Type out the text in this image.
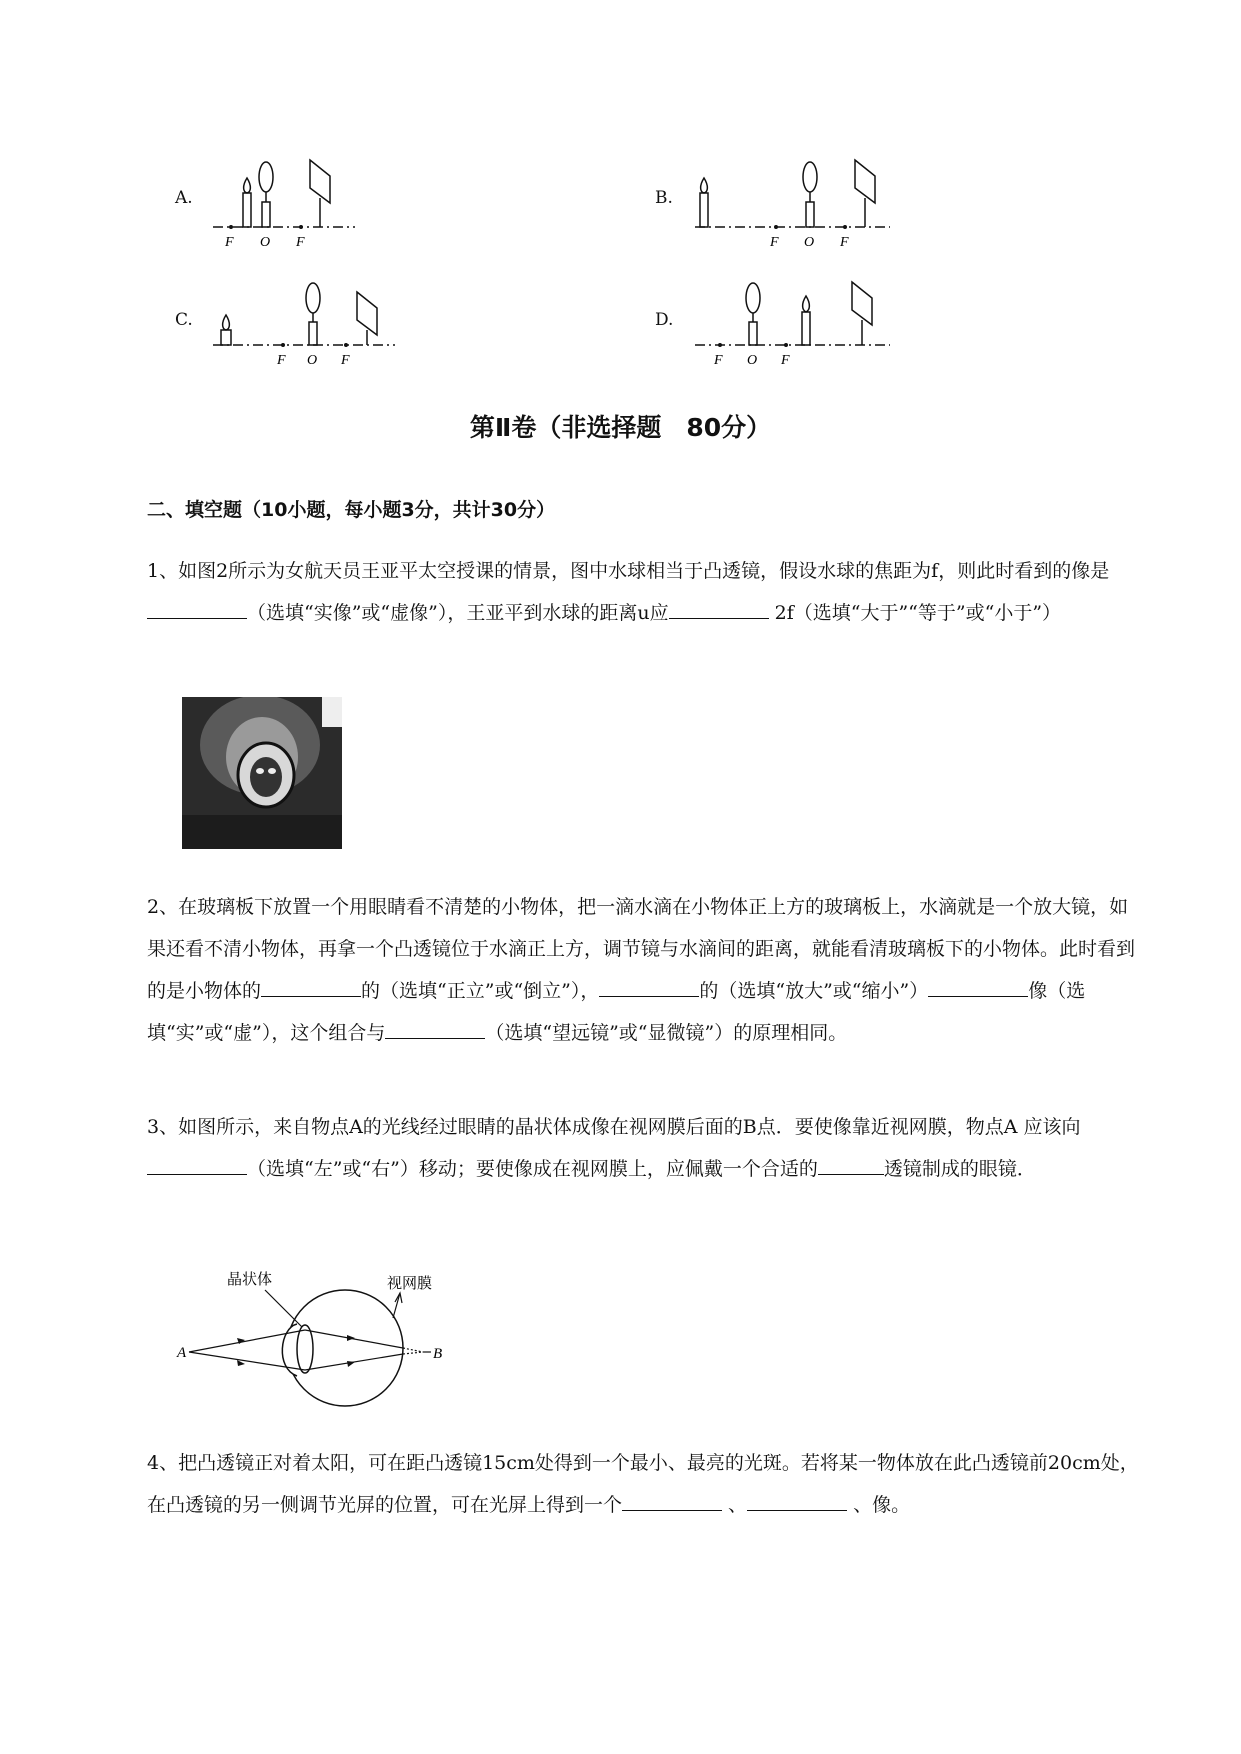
A.	B.
C.	D.
F O F	F O F
F O F	F O F
第Ⅱ卷（非选择题　80分）
二、填空题（10小题，每小题3分，共计30分）
1、如图2所示为女航天员王亚平太空授课的情景，图中水球相当于凸透镜，假设水球的焦距为f，则此时看到的像是（选填“实像”或“虚像”），王亚平到水球的距离u应	2f（选填“大于”“等于”或“小于”）
2、在玻璃板下放置一个用眼睛看不清楚的小物体，把一滴水滴在小物体正上方的玻璃板上，水滴就是一个放大镜，如果还看不清小物体，再拿一个凸透镜位于水滴正上方，调节镜与水滴间的距离，就能看清玻璃板下的小物体。此时看到的是小物体的	的（选填“正立”或“倒立”），	的（选填“放大”或“缩小”）	像（选填“实”或“虚”），这个组合与	（选填“望远镜”或“显微镜”）的原理相同。
3、如图所示，来自物点A的光线经过眼睛的晶状体成像在视网膜后面的B点．要使像靠近视网膜，物点A 应该向（选填“左”或“右”）移动；要使像成在视网膜上，应佩戴一个合适的	透镜制成的眼镜．
晶状体	视网膜
A	B
4、把凸透镜正对着太阳，可在距凸透镜15cm处得到一个最小、最亮的光斑。若将某一物体放在此凸透镜前20cm处，在凸透镜的另一侧调节光屏的位置，可在光屏上得到一个	、	、像。
